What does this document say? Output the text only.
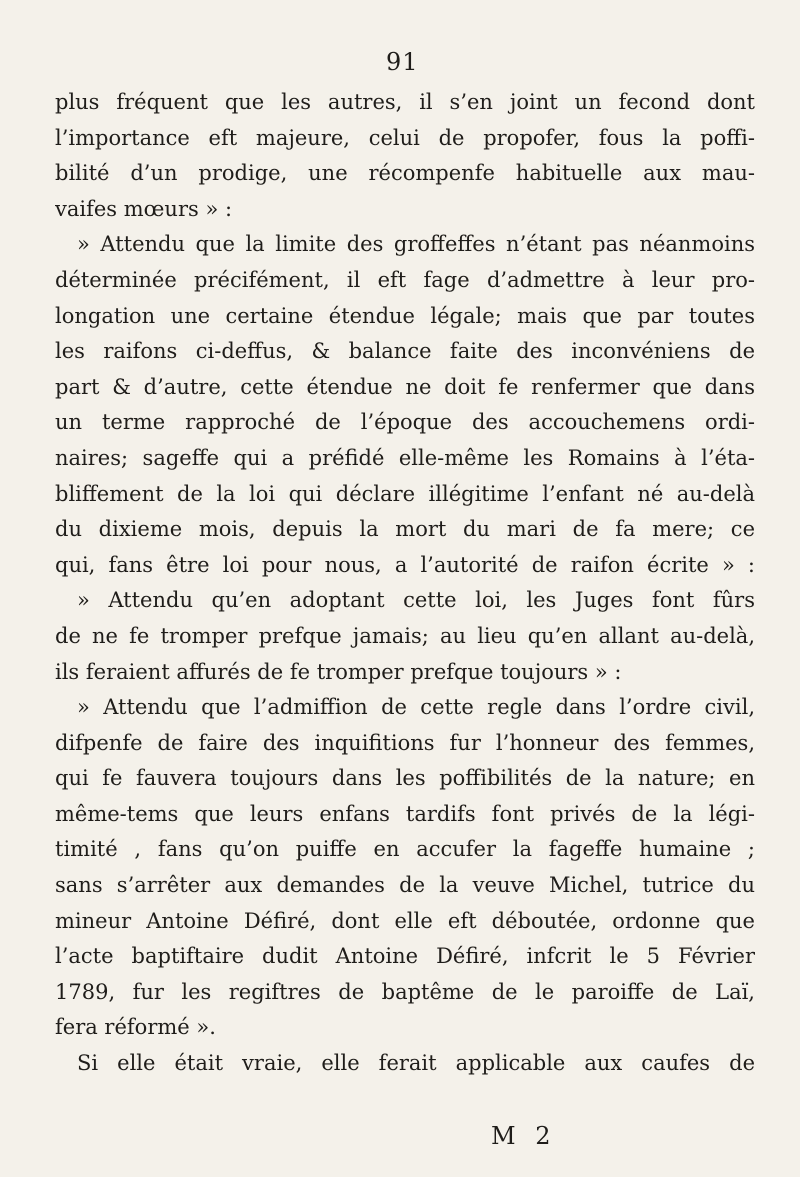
91
plus fréquent que les autres, il s’en joint un fecond dont
l’importance eft majeure, celui de propofer, fous la poffi-
bilité d’un prodige, une récompenfe habituelle aux mau-
vaifes mœurs » :
» Attendu que la limite des groffeffes n’étant pas néanmoins
déterminée précifément, il eft fage d’admettre à leur pro-
longation une certaine étendue légale; mais que par toutes
les raifons ci-deffus, & balance faite des inconvéniens de
part & d’autre, cette étendue ne doit fe renfermer que dans
un terme rapproché de l’époque des accouchemens ordi-
naires; sageffe qui a préfidé elle-même les Romains à l’éta-
bliffement de la loi qui déclare illégitime l’enfant né au-delà
du dixieme mois, depuis la mort du mari de fa mere; ce
qui, fans être loi pour nous, a l’autorité de raifon écrite » :
» Attendu qu’en adoptant cette loi, les Juges font fûrs
de ne fe tromper prefque jamais; au lieu qu’en allant au-delà,
ils feraient affurés de fe tromper prefque toujours » :
» Attendu que l’admiffion de cette regle dans l’ordre civil,
difpenfe de faire des inquifitions fur l’honneur des femmes,
qui fe fauvera toujours dans les poffibilités de la nature; en
même-tems que leurs enfans tardifs font privés de la légi-
timité , fans qu’on puiffe en accufer la fageffe humaine ;
sans s’arrêter aux demandes de la veuve Michel, tutrice du
mineur Antoine Défiré, dont elle eft déboutée, ordonne que
l’acte baptiftaire dudit Antoine Défiré, infcrit le 5 Février
1789, fur les regiftres de baptême de le paroiffe de Laï,
fera réformé ».
Si elle était vraie, elle ferait applicable aux caufes de
M 2
